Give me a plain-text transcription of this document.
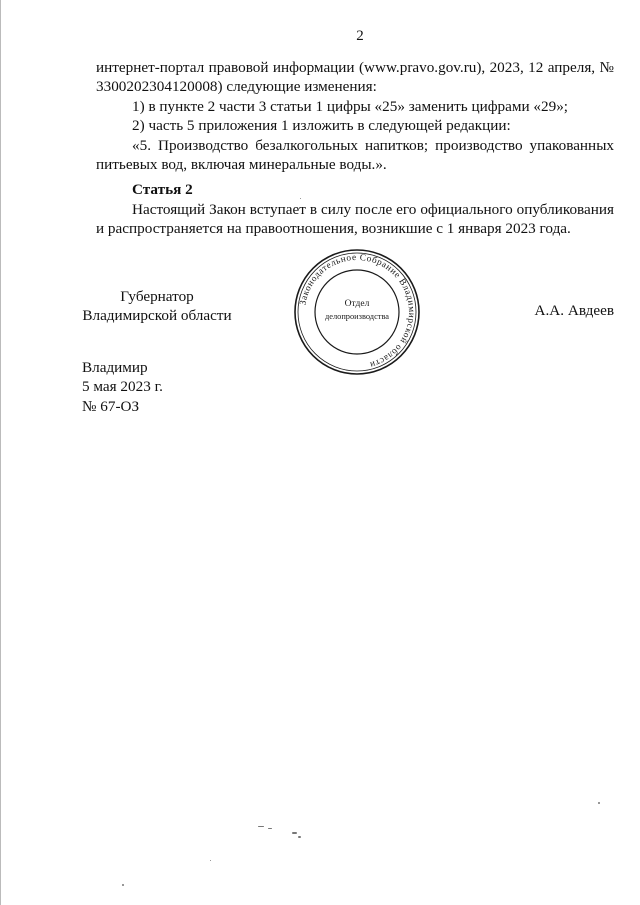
2

интернет-портал правовой информации (www.pravo.gov.ru), 2023, 12 апреля, № 3300202304120008) следующие изменения:

1) в пункте 2 части 3 статьи 1 цифры «25» заменить цифрами «29»;

2) часть 5 приложения 1 изложить в следующей редакции:

«5. Производство безалкогольных напитков; производство упакованных питьевых вод, включая минеральные воды.».

Статья 2

Настоящий Закон вступает в силу после его официального опубликования и распространяется на правоотношения, возникшие с 1 января 2023 года.

Губернатор
Владимирской области
Законодательное Собрание Владимирской области
Отдел
делопроизводства	А.А. Авдеев
Владимир
5 мая 2023 г.
№ 67-ОЗ
